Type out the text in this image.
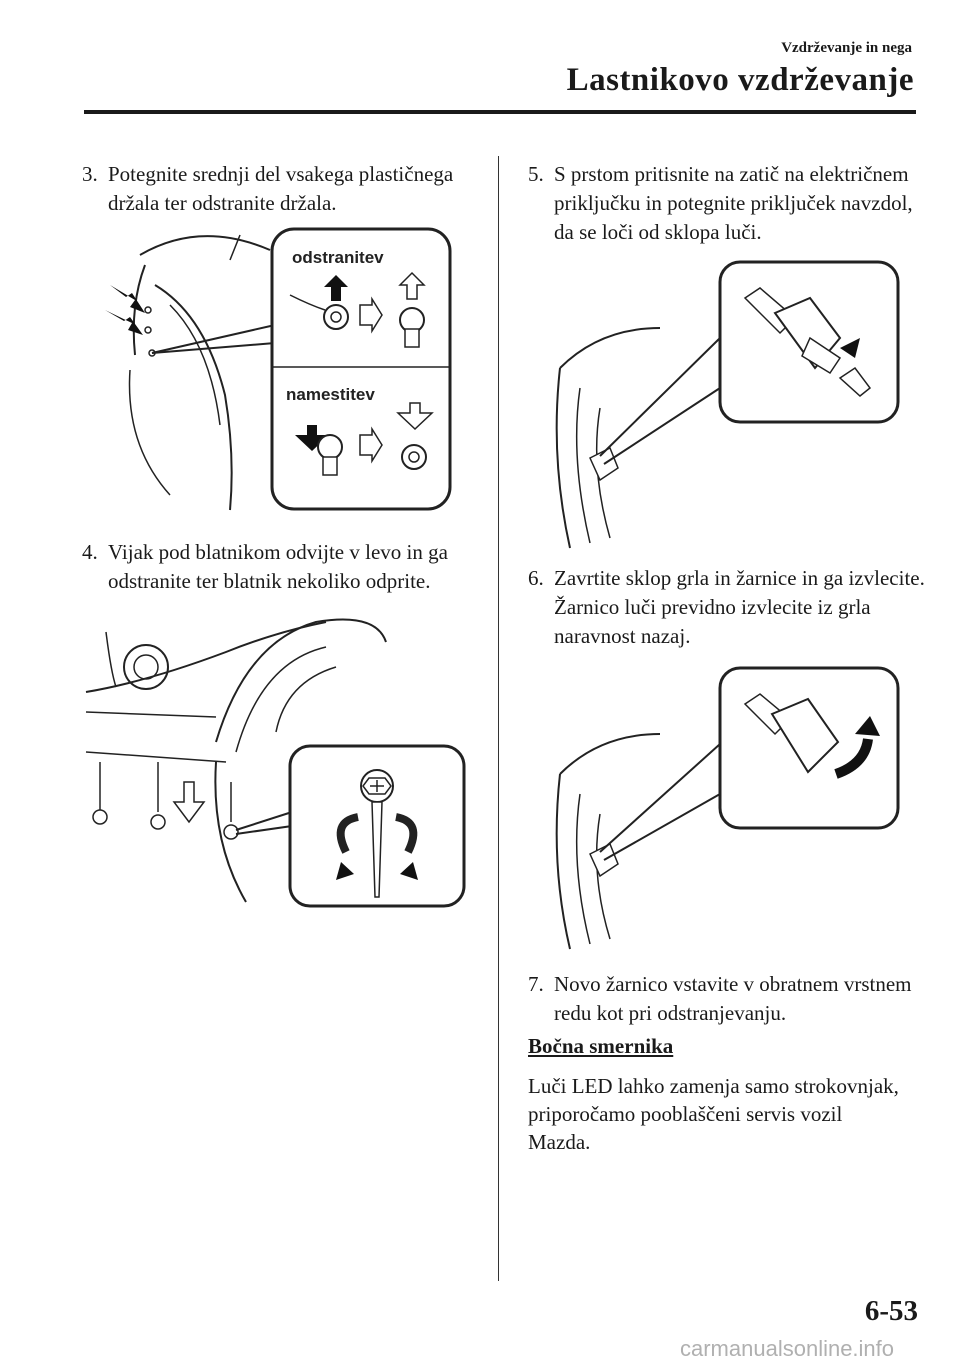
Vzdrževanje in nega
Lastnikovo vzdrževanje
3. Potegnite srednji del vsakega plastičnega držala ter odstranite držala.
odstranitev
namestitev
4. Vijak pod blatnikom odvijte v levo in ga odstranite ter blatnik nekoliko odprite.
5. S prstom pritisnite na zatič na električnem priključku in potegnite priključek navzdol, da se loči od sklopa luči.
6. Zavrtite sklop grla in žarnice in ga izvlecite. Žarnico luči previdno izvlecite iz grla naravnost nazaj.
7. Novo žarnico vstavite v obratnem vrstnem redu kot pri odstranjevanju.
Bočna smernika
Luči LED lahko zamenja samo strokovnjak, priporočamo pooblaščeni servis vozil Mazda.
6-53
carmanualsonline.info
